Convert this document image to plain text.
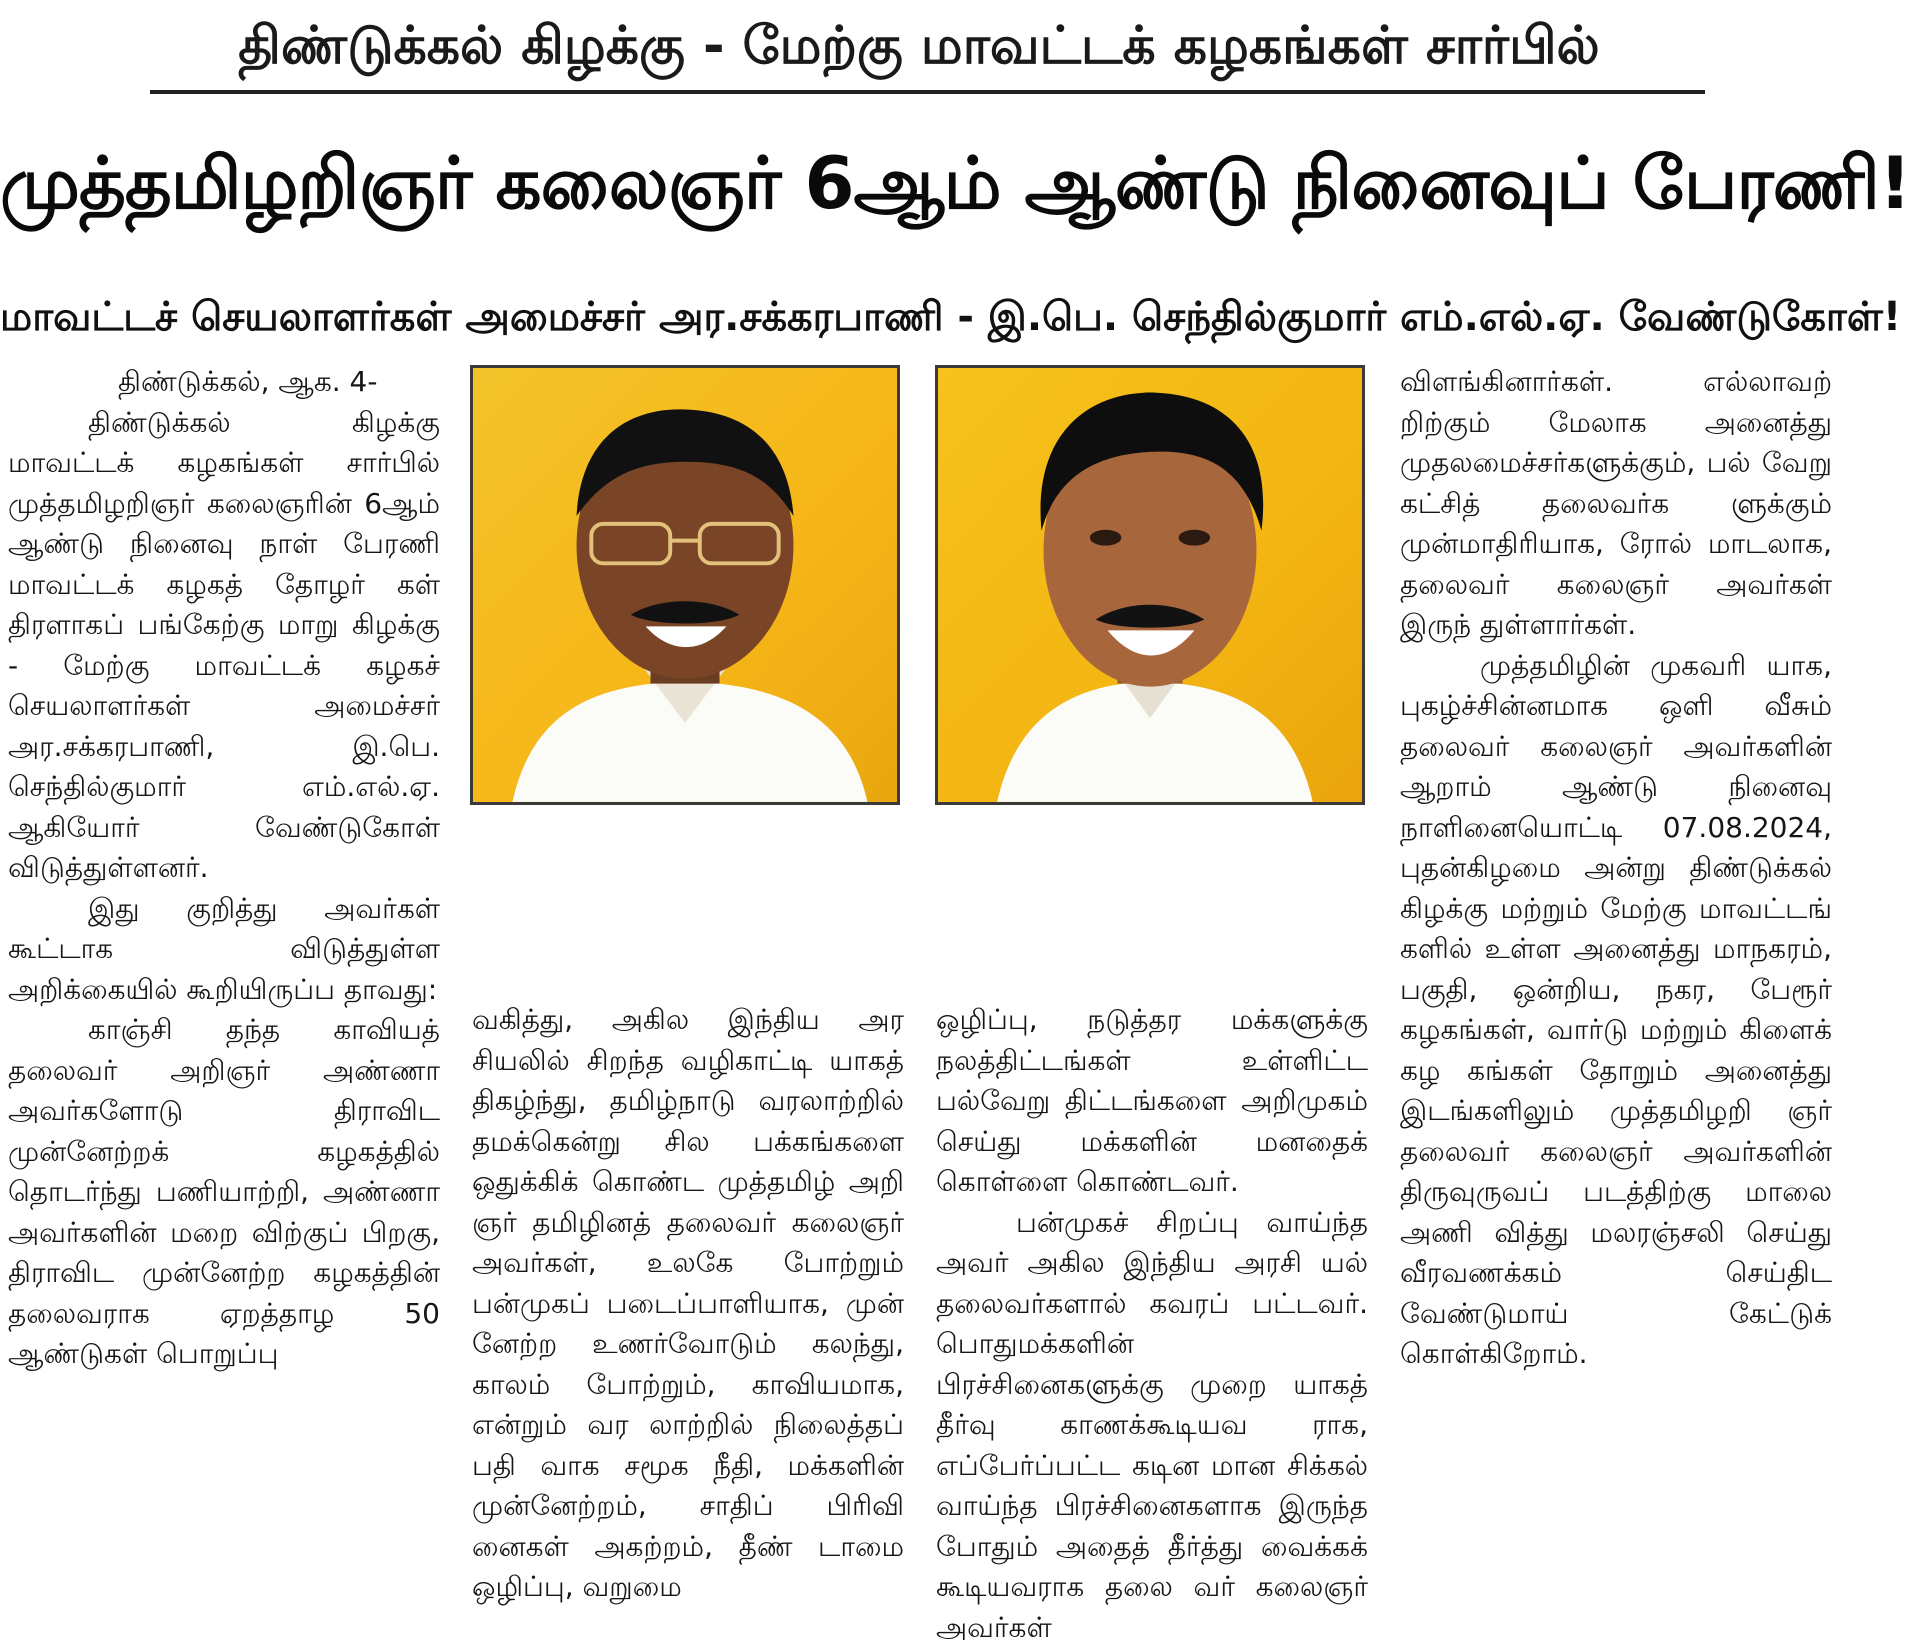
திண்டுக்கல் கிழக்கு - மேற்கு மாவட்டக் கழகங்கள் சார்பில்
முத்தமிழறிஞர் கலைஞர் 6ஆம் ஆண்டு நினைவுப் பேரணி!
மாவட்டச் செயலாளர்கள் அமைச்சர் அர.சக்கரபாணி - இ.பெ. செந்தில்குமார் எம்.எல்.ஏ. வேண்டுகோள்!

திண்டுக்கல், ஆக. 4-

திண்டுக்கல் கிழக்கு மாவட்டக் கழகங்கள் சார்பில் முத்தமிழறிஞர் கலைஞரின் 6ஆம் ஆண்டு நினைவு நாள் பேரணி மாவட்டக் கழகத் தோழர் கள் திரளாகப் பங்கேற்கு மாறு கிழக்கு - மேற்கு மாவட்டக் கழகச் செயலாளர்கள் அமைச்சர் அர.சக்கரபாணி, இ.பெ. செந்தில்குமார் எம்.எல்.ஏ. ஆகியோர் வேண்டுகோள் விடுத்துள்ளனர்.

இது குறித்து அவர்கள் கூட்டாக விடுத்துள்ள அறிக்கையில் கூறியிருப்ப தாவது:

காஞ்சி தந்த காவியத் தலைவர் அறிஞர் அண்ணா அவர்களோடு திராவிட முன்னேற்றக் கழகத்தில் தொடர்ந்து பணியாற்றி, அண்ணா அவர்களின் மறை விற்குப் பிறகு, திராவிட முன்னேற்ற கழகத்தின் தலைவராக ஏறத்தாழ 50 ஆண்டுகள் பொறுப்பு

வகித்து, அகில இந்திய அர சியலில் சிறந்த வழிகாட்டி யாகத் திகழ்ந்து, தமிழ்நாடு வரலாற்றில் தமக்கென்று சில பக்கங்களை ஒதுக்கிக் கொண்ட முத்தமிழ் அறி ஞர் தமிழினத் தலைவர் கலைஞர் அவர்கள், உலகே போற்றும் பன்முகப் படைப்பாளியாக, முன் னேற்ற உணர்வோடும் கலந்து, காலம் போற்றும், காவியமாக, என்றும் வர லாற்றில் நிலைத்தப் பதி வாக சமூக நீதி, மக்களின் முன்னேற்றம், சாதிப் பிரிவி னைகள் அகற்றம், தீண் டாமை ஒழிப்பு, வறுமை

ஒழிப்பு, நடுத்தர மக்களுக்கு நலத்திட்டங்கள் உள்ளிட்ட பல்வேறு திட்டங்களை அறிமுகம் செய்து மக்களின் மனதைக் கொள்ளை கொண்டவர்.

பன்முகச் சிறப்பு வாய்ந்த அவர் அகில இந்திய அரசி யல் தலைவர்களால் கவரப் பட்டவர். பொதுமக்களின் பிரச்சினைகளுக்கு முறை யாகத் தீர்வு காணக்கூடியவ ராக, எப்பேர்ப்பட்ட கடின மான சிக்கல் வாய்ந்த பிரச்சினைகளாக இருந்த போதும் அதைத் தீர்த்து வைக்கக் கூடியவராக தலை வர் கலைஞர் அவர்கள்

விளங்கினார்கள். எல்லாவற் றிற்கும் மேலாக அனைத்து முதலமைச்சர்களுக்கும், பல் வேறு கட்சித் தலைவர்க ளுக்கும் முன்மாதிரியாக, ரோல் மாடலாக, தலைவர் கலைஞர் அவர்கள் இருந் துள்ளார்கள்.

முத்தமிழின் முகவரி யாக, புகழ்ச்சின்னமாக ஒளி வீசும் தலைவர் கலைஞர் அவர்களின் ஆறாம் ஆண்டு நினைவு நாளினையொட்டி 07.08.2024, புதன்கிழமை அன்று திண்டுக்கல் கிழக்கு மற்றும் மேற்கு மாவட்டங் களில் உள்ள அனைத்து மாநகரம், பகுதி, ஒன்றிய, நகர, பேரூர் கழகங்கள், வார்டு மற்றும் கிளைக் கழ கங்கள் தோறும் அனைத்து இடங்களிலும் முத்தமிழறி ஞர் தலைவர் கலைஞர் அவர்களின் திருவுருவப் படத்திற்கு மாலை அணி வித்து மலரஞ்சலி செய்து வீரவணக்கம் செய்திட வேண்டுமாய் கேட்டுக் கொள்கிறோம்.
